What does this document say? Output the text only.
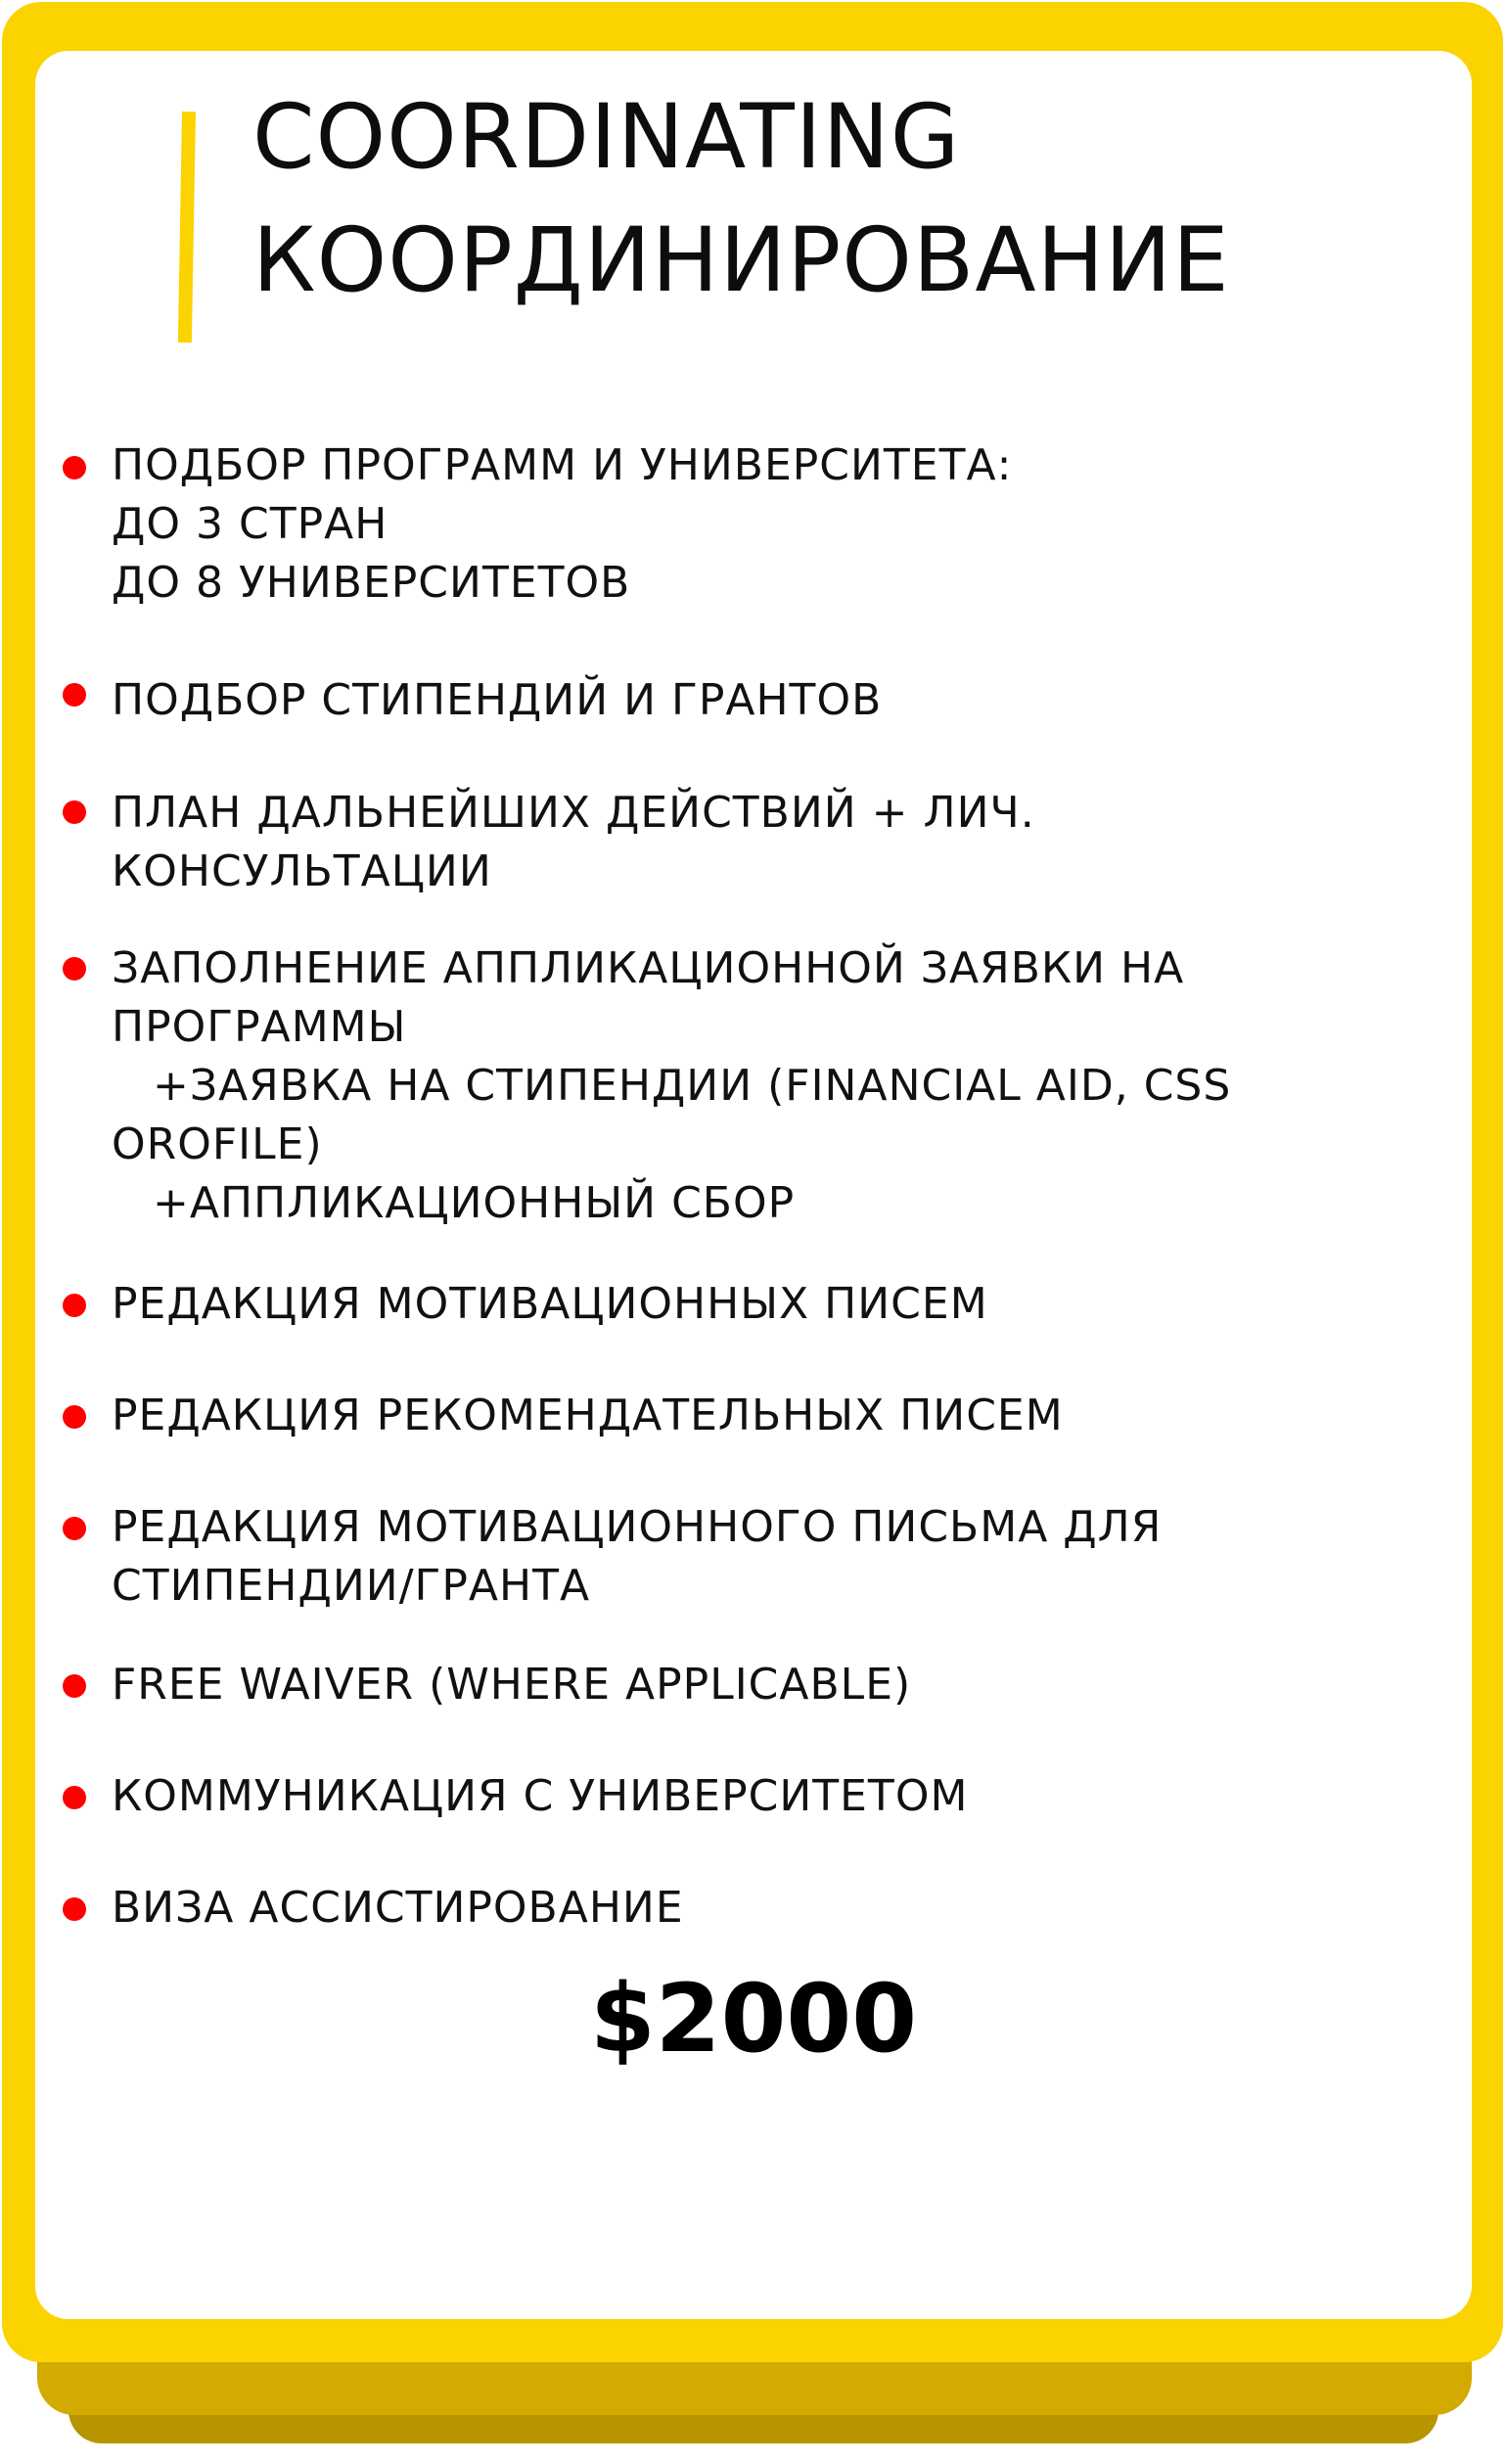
COORDINATING
КООРДИНИРОВАНИЕ
ПОДБОР ПРОГРАММ И УНИВЕРСИТЕТА:
ДО 3 СТРАН
ДО 8 УНИВЕРСИТЕТОВ
ПОДБОР СТИПЕНДИЙ И ГРАНТОВ
ПЛАН ДАЛЬНЕЙШИХ ДЕЙСТВИЙ + ЛИЧ.
КОНСУЛЬТАЦИИ
ЗАПОЛНЕНИЕ АППЛИКАЦИОННОЙ ЗАЯВКИ НА
ПРОГРАММЫ
+ЗАЯВКА НА СТИПЕНДИИ (FINANCIAL AID, CSS
OROFILE)
+АППЛИКАЦИОННЫЙ СБОР
РЕДАКЦИЯ МОТИВАЦИОННЫХ ПИСЕМ
РЕДАКЦИЯ РЕКОМЕНДАТЕЛЬНЫХ ПИСЕМ
РЕДАКЦИЯ МОТИВАЦИОННОГО ПИСЬМА ДЛЯ
СТИПЕНДИИ/ГРАНТА
FREE WAIVER (WHERE APPLICABLE)
КОММУНИКАЦИЯ С УНИВЕРСИТЕТОМ
ВИЗА АССИСТИРОВАНИЕ
$2000
